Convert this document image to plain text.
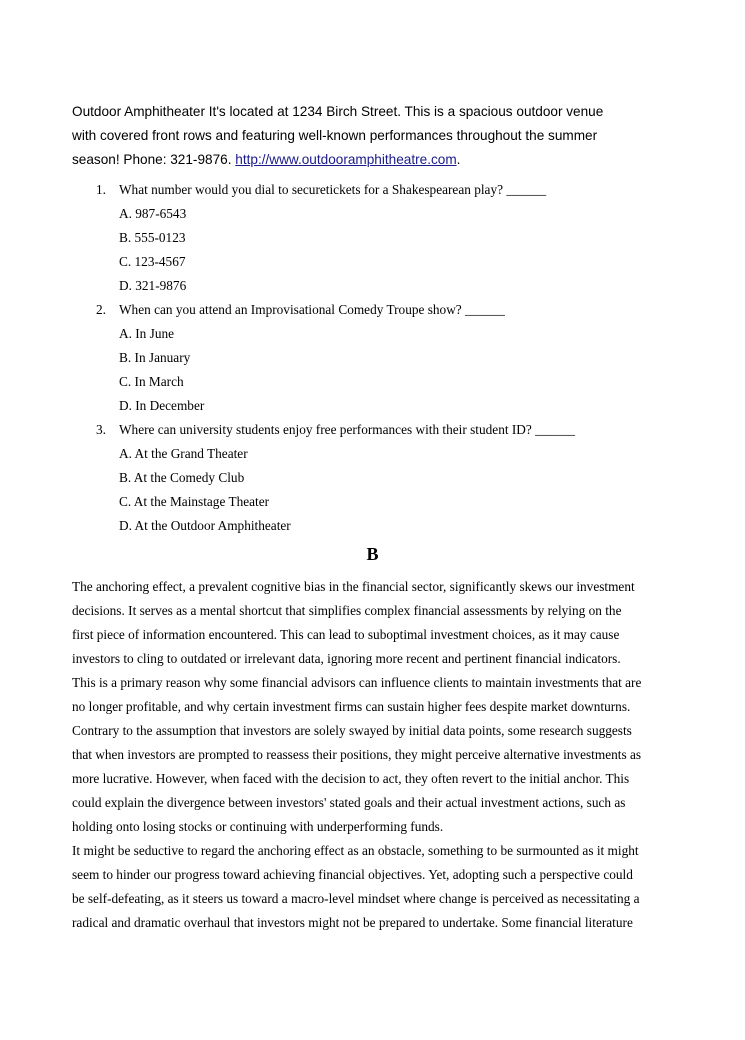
Outdoor Amphitheater It's located at 1234 Birch Street. This is a spacious outdoor venue
with covered front rows and featuring well-known performances throughout the summer
season! Phone: 321-9876. http://www.outdooramphitheatre.com.
1. What number would you dial to securetickets for a Shakespearean play? ______
A. 987-6543
B. 555-0123
C. 123-4567
D. 321-9876
2. When can you attend an Improvisational Comedy Troupe show? ______
A. In June
B. In January
C. In March
D. In December
3. Where can university students enjoy free performances with their student ID? ______
A. At the Grand Theater
B. At the Comedy Club
C. At the Mainstage Theater
D. At the Outdoor Amphitheater
B
The anchoring effect, a prevalent cognitive bias in the financial sector, significantly skews our investment
decisions. It serves as a mental shortcut that simplifies complex financial assessments by relying on the
first piece of information encountered. This can lead to suboptimal investment choices, as it may cause
investors to cling to outdated or irrelevant data, ignoring more recent and pertinent financial indicators.
This is a primary reason why some financial advisors can influence clients to maintain investments that are
no longer profitable, and why certain investment firms can sustain higher fees despite market downturns.
Contrary to the assumption that investors are solely swayed by initial data points, some research suggests
that when investors are prompted to reassess their positions, they might perceive alternative investments as
more lucrative. However, when faced with the decision to act, they often revert to the initial anchor. This
could explain the divergence between investors' stated goals and their actual investment actions, such as
holding onto losing stocks or continuing with underperforming funds.
It might be seductive to regard the anchoring effect as an obstacle, something to be surmounted as it might
seem to hinder our progress toward achieving financial objectives. Yet, adopting such a perspective could
be self-defeating, as it steers us toward a macro-level mindset where change is perceived as necessitating a
radical and dramatic overhaul that investors might not be prepared to undertake. Some financial literature
